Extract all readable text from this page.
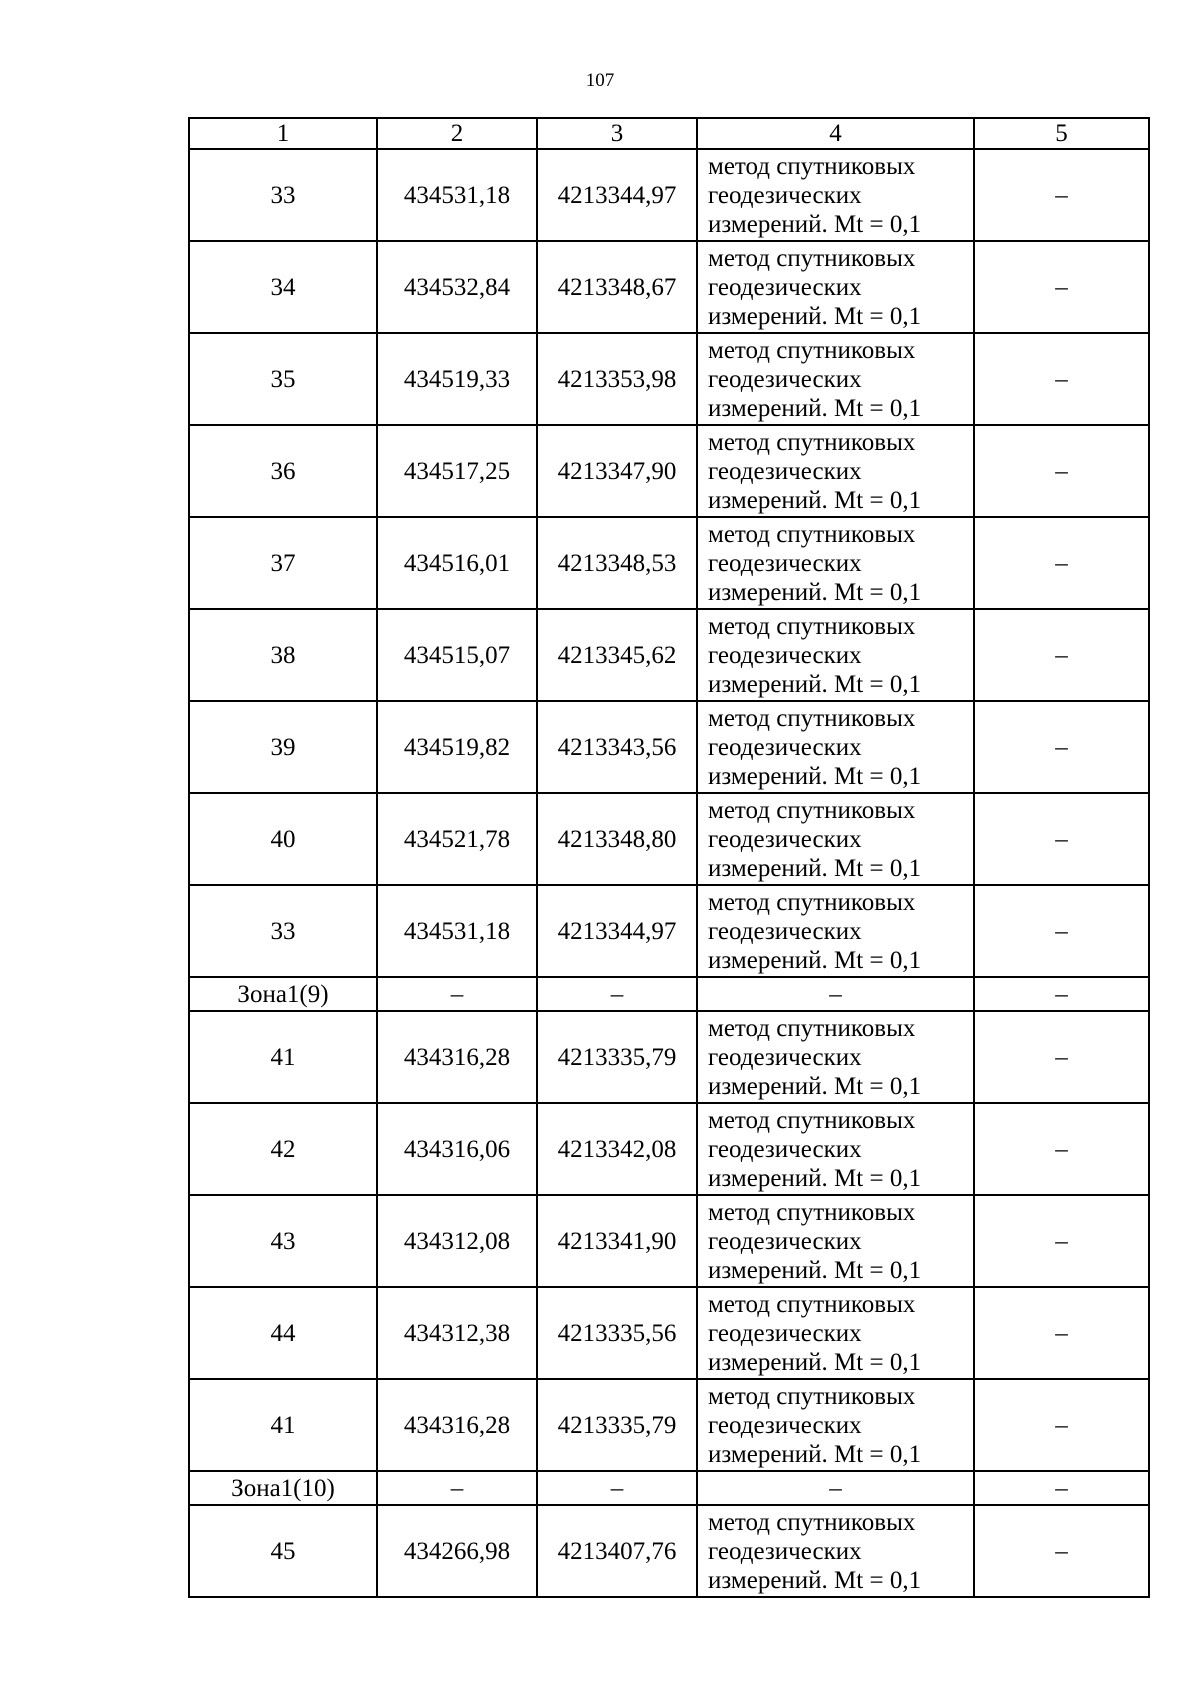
107
1	2	3	4	5
33	434531,18	4213344,97	метод спутниковых
геодезических
измерений. Mt = 0,1	–
34	434532,84	4213348,67	метод спутниковых
геодезических
измерений. Mt = 0,1	–
35	434519,33	4213353,98	метод спутниковых
геодезических
измерений. Mt = 0,1	–
36	434517,25	4213347,90	метод спутниковых
геодезических
измерений. Mt = 0,1	–
37	434516,01	4213348,53	метод спутниковых
геодезических
измерений. Mt = 0,1	–
38	434515,07	4213345,62	метод спутниковых
геодезических
измерений. Mt = 0,1	–
39	434519,82	4213343,56	метод спутниковых
геодезических
измерений. Mt = 0,1	–
40	434521,78	4213348,80	метод спутниковых
геодезических
измерений. Mt = 0,1	–
33	434531,18	4213344,97	метод спутниковых
геодезических
измерений. Mt = 0,1	–
Зона1(9)	–	–	–	–
41	434316,28	4213335,79	метод спутниковых
геодезических
измерений. Mt = 0,1	–
42	434316,06	4213342,08	метод спутниковых
геодезических
измерений. Mt = 0,1	–
43	434312,08	4213341,90	метод спутниковых
геодезических
измерений. Mt = 0,1	–
44	434312,38	4213335,56	метод спутниковых
геодезических
измерений. Mt = 0,1	–
41	434316,28	4213335,79	метод спутниковых
геодезических
измерений. Mt = 0,1	–
Зона1(10)	–	–	–	–
45	434266,98	4213407,76	метод спутниковых
геодезических
измерений. Mt = 0,1	–
